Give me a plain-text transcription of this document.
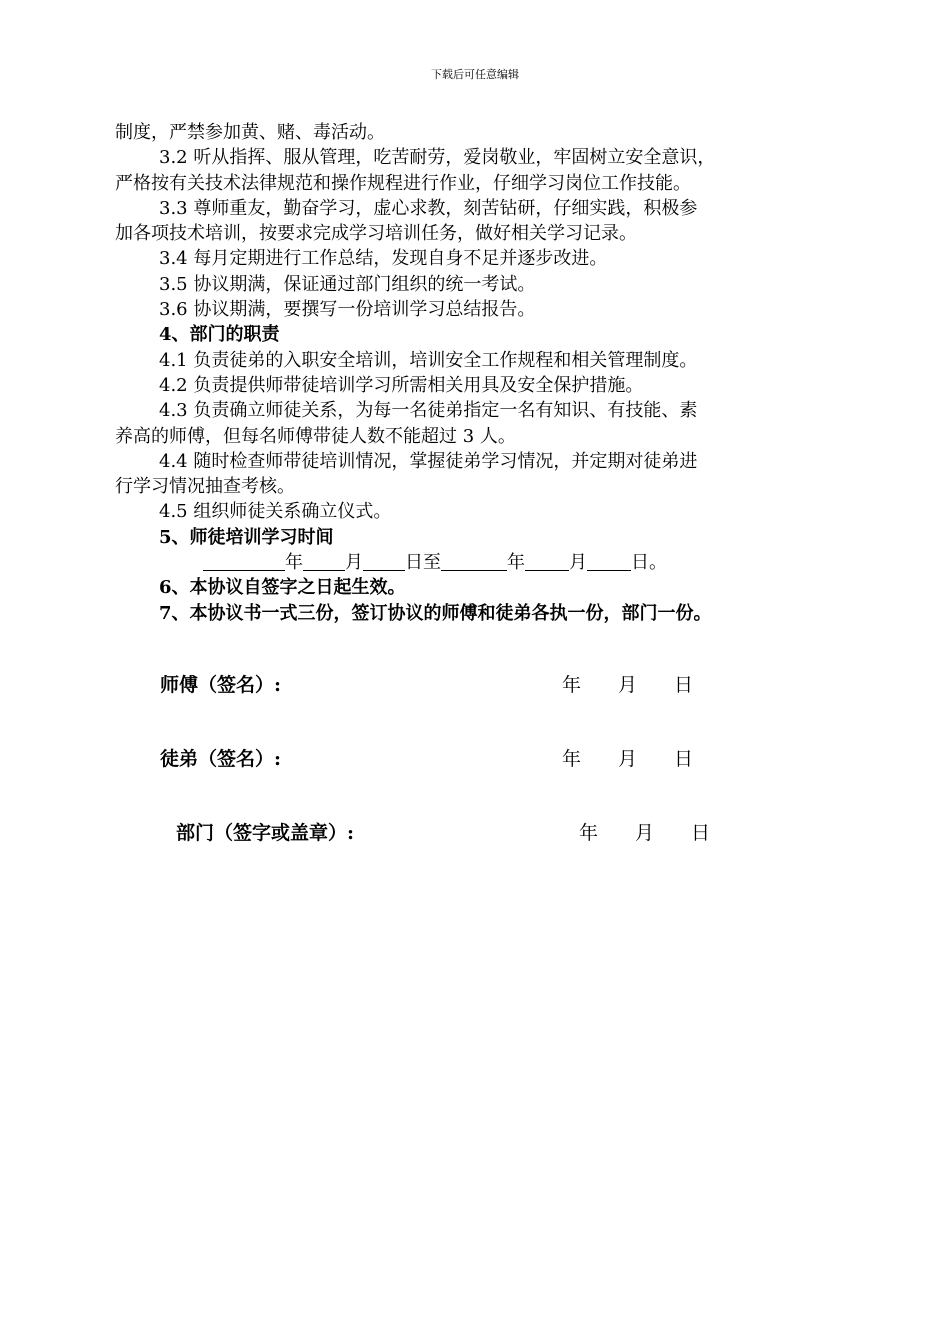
下载后可任意编辑

制度，严禁参加黄、赌、毒活动。

3.2 听从指挥、服从管理，吃苦耐劳，爱岗敬业，牢固树立安全意识，

严格按有关技术法律规范和操作规程进行作业，仔细学习岗位工作技能。

3.3 尊师重友，勤奋学习，虚心求教，刻苦钻研，仔细实践，积极参

加各项技术培训，按要求完成学习培训任务，做好相关学习记录。

3.4 每月定期进行工作总结，发现自身不足并逐步改进。

3.5 协议期满，保证通过部门组织的统一考试。

3.6 协议期满，要撰写一份培训学习总结报告。

4、部门的职责

4.1 负责徒弟的入职安全培训，培训安全工作规程和相关管理制度。

4.2 负责提供师带徒培训学习所需相关用具及安全保护措施。

4.3 负责确立师徒关系，为每一名徒弟指定一名有知识、有技能、素

养高的师傅，但每名师傅带徒人数不能超过 3 人。

4.4 随时检查师带徒培训情况，掌握徒弟学习情况，并定期对徒弟进

行学习情况抽查考核。

4.5 组织师徒关系确立仪式。

5、师徒培训学习时间

年 月 日至	年 月 日。

6、本协议自签字之日起生效。

7、本协议书一式三份，签订协议的师傅和徒弟各执一份，部门一份。

师傅（签名）:	年 月 日
徒弟（签名）:	年 月 日
部门（签字或盖章）:	年 月 日
